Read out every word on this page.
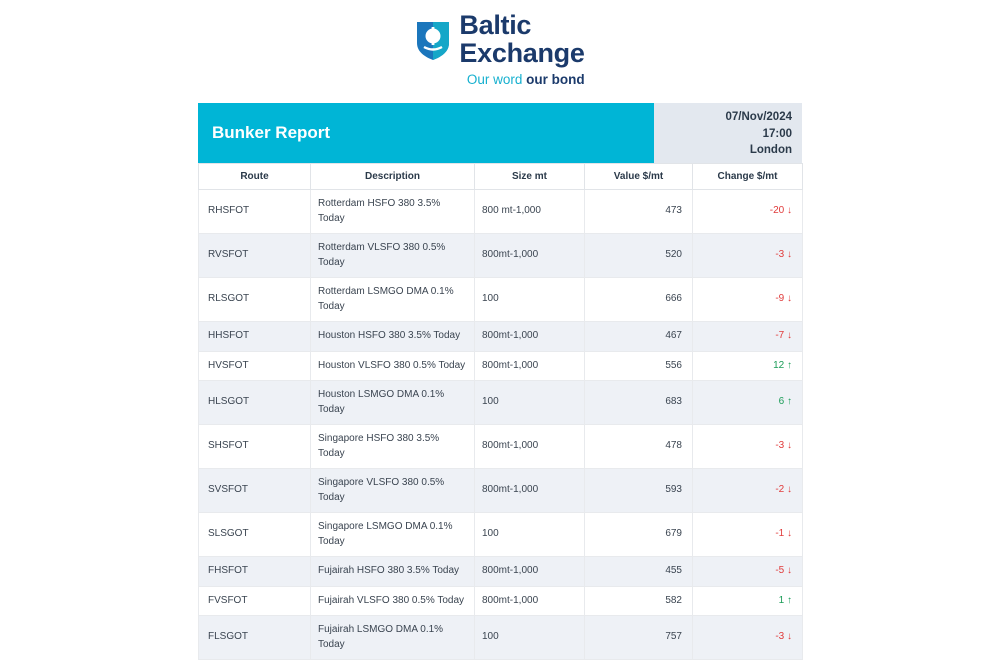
Baltic
Exchange
Our word our bond
Bunker Report
07/Nov/2024
17:00
London
Route	Description	Size mt	Value $/mt	Change $/mt
RHSFOT	Rotterdam HSFO 380 3.5% Today	800 mt-1,000	473	-20 ↓
RVSFOT	Rotterdam VLSFO 380 0.5% Today	800mt-1,000	520	-3 ↓
RLSGOT	Rotterdam LSMGO DMA 0.1% Today	100	666	-9 ↓
HHSFOT	Houston HSFO 380 3.5% Today	800mt-1,000	467	-7 ↓
HVSFOT	Houston VLSFO 380 0.5% Today	800mt-1,000	556	12 ↑
HLSGOT	Houston LSMGO DMA 0.1% Today	100	683	6 ↑
SHSFOT	Singapore HSFO 380 3.5% Today	800mt-1,000	478	-3 ↓
SVSFOT	Singapore VLSFO 380 0.5% Today	800mt-1,000	593	-2 ↓
SLSGOT	Singapore LSMGO DMA 0.1% Today	100	679	-1 ↓
FHSFOT	Fujairah HSFO 380 3.5% Today	800mt-1,000	455	-5 ↓
FVSFOT	Fujairah VLSFO 380 0.5% Today	800mt-1,000	582	1 ↑
FLSGOT	Fujairah LSMGO DMA 0.1% Today	100	757	-3 ↓
